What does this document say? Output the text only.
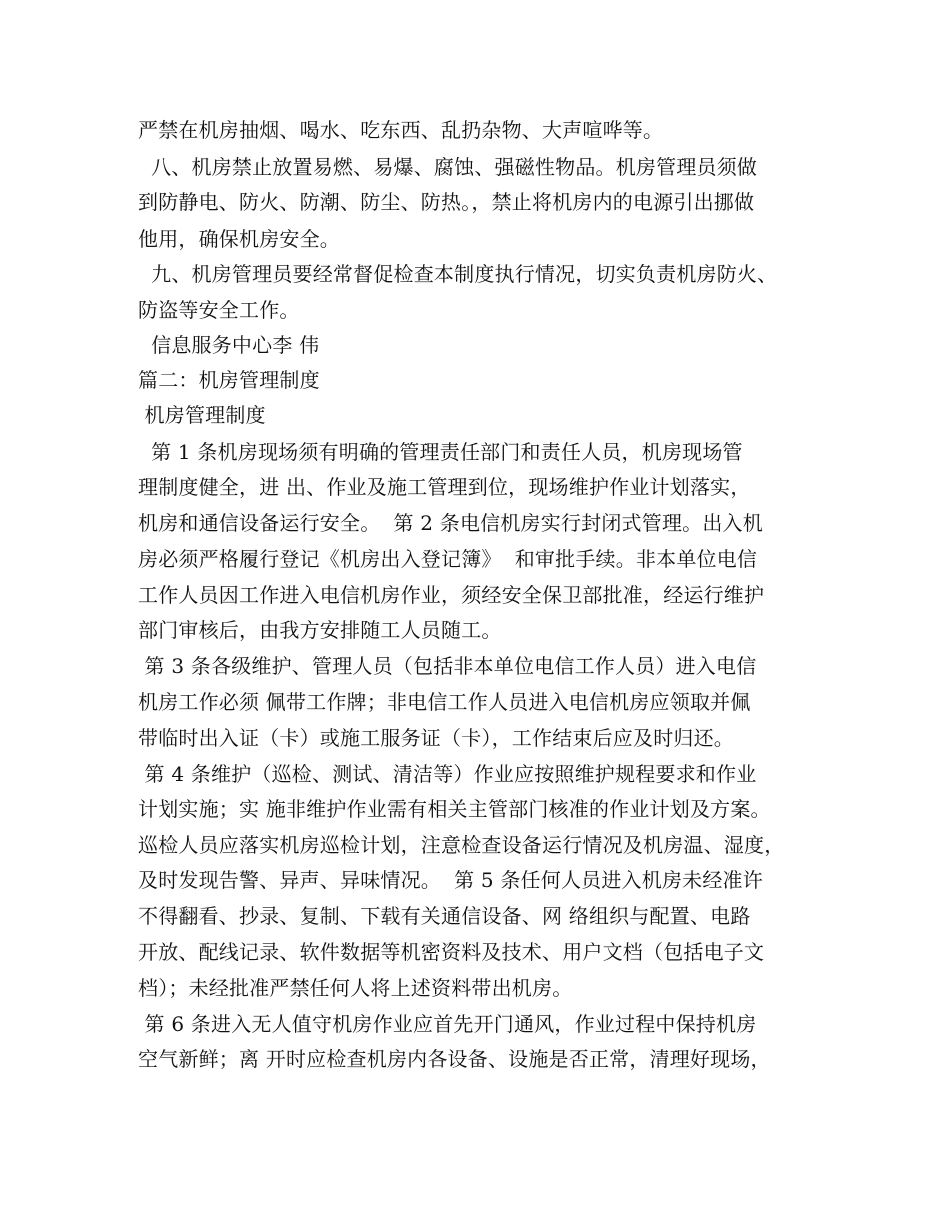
严禁在机房抽烟、喝水、吃东西、乱扔杂物、大声喧哗等。
八、机房禁止放置易燃、易爆、腐蚀、强磁性物品。机房管理员须做
到防静电、防火、防潮、防尘、防热。，禁止将机房内的电源引出挪做
他用，确保机房安全。
九、机房管理员要经常督促检查本制度执行情况，切实负责机房防火、
防盗等安全工作。
信息服务中心李 伟
篇二：机房管理制度
机房管理制度
第 1 条机房现场须有明确的管理责任部门和责任人员，机房现场管
理制度健全，进 出、作业及施工管理到位，现场维护作业计划落实，
机房和通信设备运行安全。  第 2 条电信机房实行封闭式管理。出入机
房必须严格履行登记《机房出入登记簿》  和审批手续。非本单位电信
工作人员因工作进入电信机房作业，须经安全保卫部批准，经运行维护
部门审核后，由我方安排随工人员随工。
第 3 条各级维护、管理人员（包括非本单位电信工作人员）进入电信
机房工作必须 佩带工作牌；非电信工作人员进入电信机房应领取并佩
带临时出入证（卡）或施工服务证（卡），工作结束后应及时归还。
第 4 条维护（巡检、测试、清洁等）作业应按照维护规程要求和作业
计划实施；实 施非维护作业需有相关主管部门核准的作业计划及方案。
巡检人员应落实机房巡检计划，注意检查设备运行情况及机房温、湿度，
及时发现告警、异声、异味情况。  第 5 条任何人员进入机房未经准许
不得翻看、抄录、复制、下载有关通信设备、网 络组织与配置、电路
开放、配线记录、软件数据等机密资料及技术、用户文档（包括电子文
档）；未经批准严禁任何人将上述资料带出机房。
第 6 条进入无人值守机房作业应首先开门通风，作业过程中保持机房
空气新鲜；离 开时应检查机房内各设备、设施是否正常，清理好现场，
